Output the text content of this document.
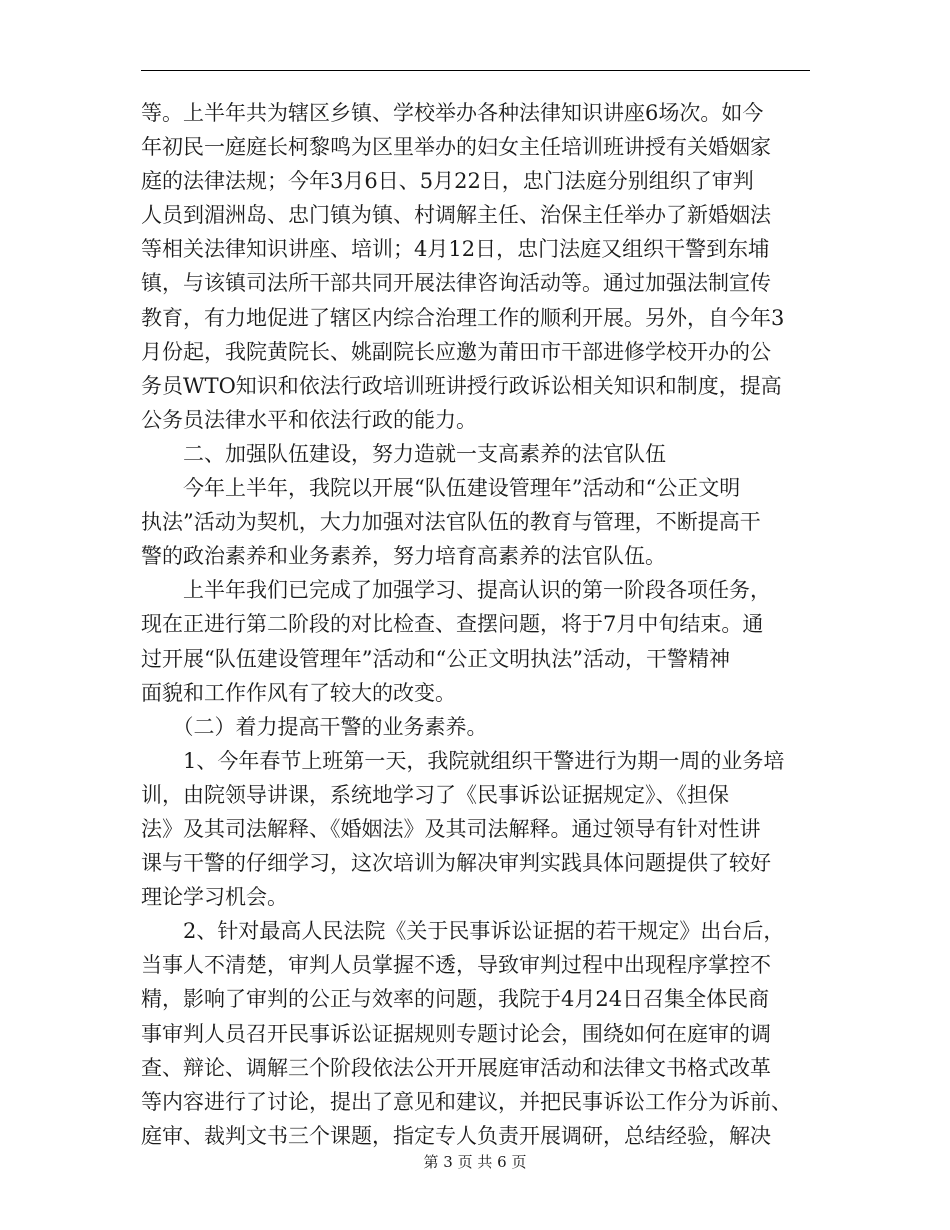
等。上半年共为辖区乡镇、学校举办各种法律知识讲座6场次。如今
年初民一庭庭长柯黎鸣为区里举办的妇女主任培训班讲授有关婚姻家
庭的法律法规；今年3月6日、5月22日，忠门法庭分别组织了审判
人员到湄洲岛、忠门镇为镇、村调解主任、治保主任举办了新婚姻法
等相关法律知识讲座、培训；4月12日，忠门法庭又组织干警到东埔
镇，与该镇司法所干部共同开展法律咨询活动等。通过加强法制宣传
教育，有力地促进了辖区内综合治理工作的顺利开展。另外，自今年3
月份起，我院黄院长、姚副院长应邀为莆田市干部进修学校开办的公
务员WTO知识和依法行政培训班讲授行政诉讼相关知识和制度，提高
公务员法律水平和依法行政的能力。
　　二、加强队伍建设，努力造就一支高素养的法官队伍
　　今年上半年，我院以开展“队伍建设管理年”活动和“公正文明
执法”活动为契机，大力加强对法官队伍的教育与管理，不断提高干
警的政治素养和业务素养，努力培育高素养的法官队伍。
　　上半年我们已完成了加强学习、提高认识的第一阶段各项任务，
现在正进行第二阶段的对比检查、查摆问题，将于7月中旬结束。通
过开展“队伍建设管理年”活动和“公正文明执法”活动，干警精神
面貌和工作作风有了较大的改变。
　　（二）着力提高干警的业务素养。
　　1、今年春节上班第一天，我院就组织干警进行为期一周的业务培
训，由院领导讲课，系统地学习了《民事诉讼证据规定》、《担保
法》及其司法解释、《婚姻法》及其司法解释。通过领导有针对性讲
课与干警的仔细学习，这次培训为解决审判实践具体问题提供了较好
理论学习机会。
　　2、针对最高人民法院《关于民事诉讼证据的若干规定》出台后，
当事人不清楚，审判人员掌握不透，导致审判过程中出现程序掌控不
精，影响了审判的公正与效率的问题，我院于4月24日召集全体民商
事审判人员召开民事诉讼证据规则专题讨论会，围绕如何在庭审的调
查、辩论、调解三个阶段依法公开开展庭审活动和法律文书格式改革
等内容进行了讨论，提出了意见和建议，并把民事诉讼工作分为诉前、
庭审、裁判文书三个课题，指定专人负责开展调研，总结经验，解决
第 3 页 共 6 页
